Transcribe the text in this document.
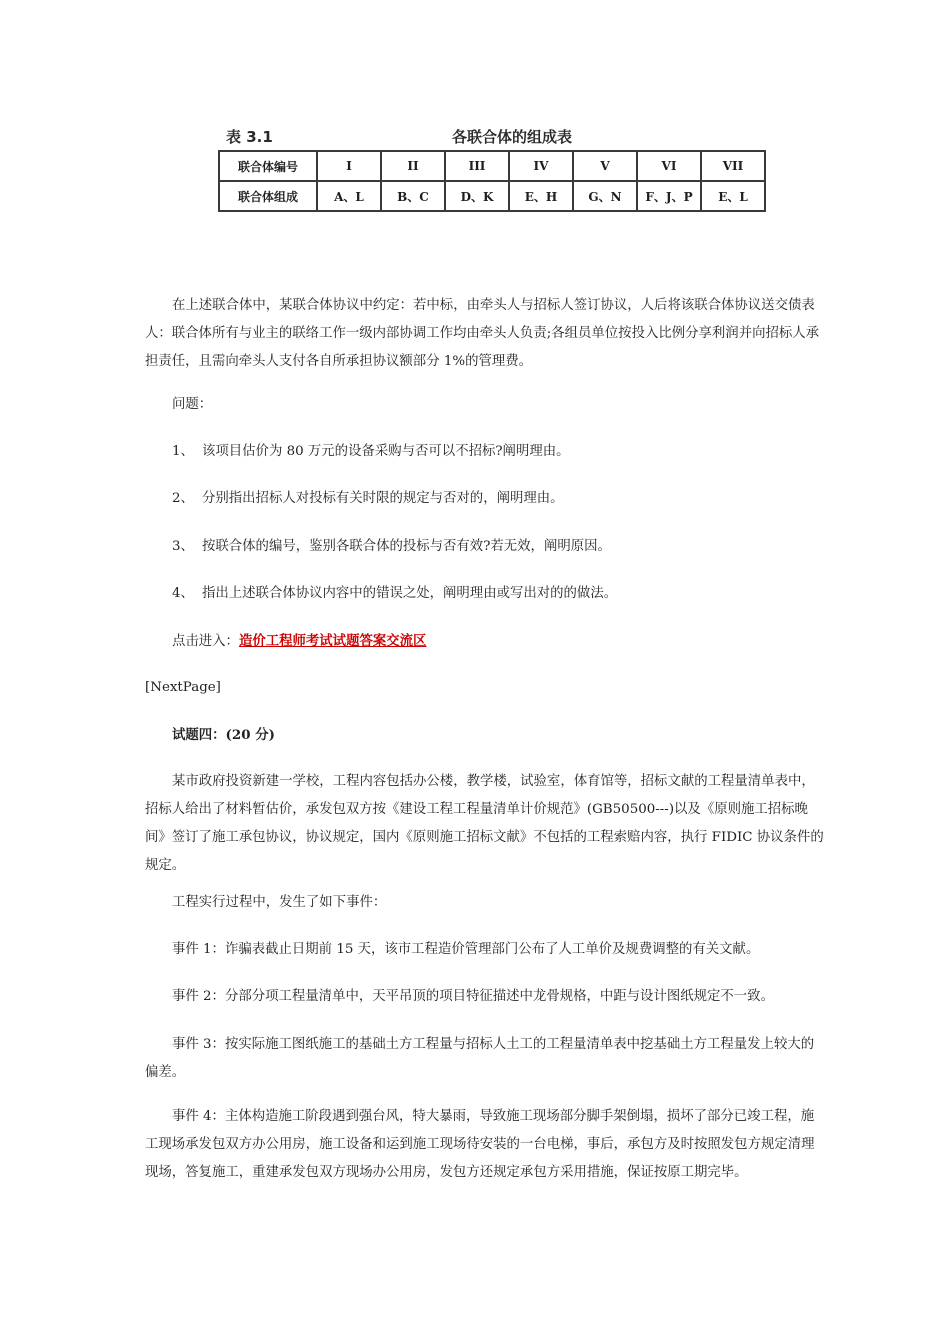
表 3.1	各联合体的组成表
联合体编号	I	II	III	IV	V	VI	VII
联合体组成	A、L	B、C	D、K	E、H	G、N	F、J、P	E、L

在上述联合体中，某联合体协议中约定：若中标，由牵头人与招标人签订协议，人后将该联合体协议送交债表人：联合体所有与业主的联络工作一级内部协调工作均由牵头人负责;各组员单位按投入比例分享利润并向招标人承担责任，且需向牵头人支付各自所承担协议额部分 1%的管理费。

问题：

1、 该项目估价为 80 万元的设备采购与否可以不招标?阐明理由。

2、 分别指出招标人对投标有关时限的规定与否对的，阐明理由。

3、 按联合体的编号，鉴别各联合体的投标与否有效?若无效，阐明原因。

4、 指出上述联合体协议内容中的错误之处，阐明理由或写出对的的做法。

点击进入：造价工程师考试试题答案交流区

[NextPage]

试题四：(20 分)

某市政府投资新建一学校，工程内容包括办公楼，教学楼，试验室，体育馆等，招标文献的工程量清单表中，招标人给出了材料暂估价，承发包双方按《建设工程工程量清单计价规范》(GB50500---)以及《原则施工招标晚间》签订了施工承包协议，协议规定，国内《原则施工招标文献》不包括的工程索赔内容，执行 FIDIC 协议条件的规定。

工程实行过程中，发生了如下事件：

事件 1：诈骗表截止日期前 15 天，该市工程造价管理部门公布了人工单价及规费调整的有关文献。

事件 2：分部分项工程量清单中，天平吊顶的项目特征描述中龙骨规格，中距与设计图纸规定不一致。

事件 3：按实际施工图纸施工的基础土方工程量与招标人土工的工程量清单表中挖基础土方工程量发上较大的偏差。

事件 4：主体构造施工阶段遇到强台风，特大暴雨，导致施工现场部分脚手架倒塌，损坏了部分已竣工程，施工现场承发包双方办公用房，施工设备和运到施工现场待安装的一台电梯，事后，承包方及时按照发包方规定清理现场，答复施工，重建承发包双方现场办公用房，发包方还规定承包方采用措施，保证按原工期完毕。
